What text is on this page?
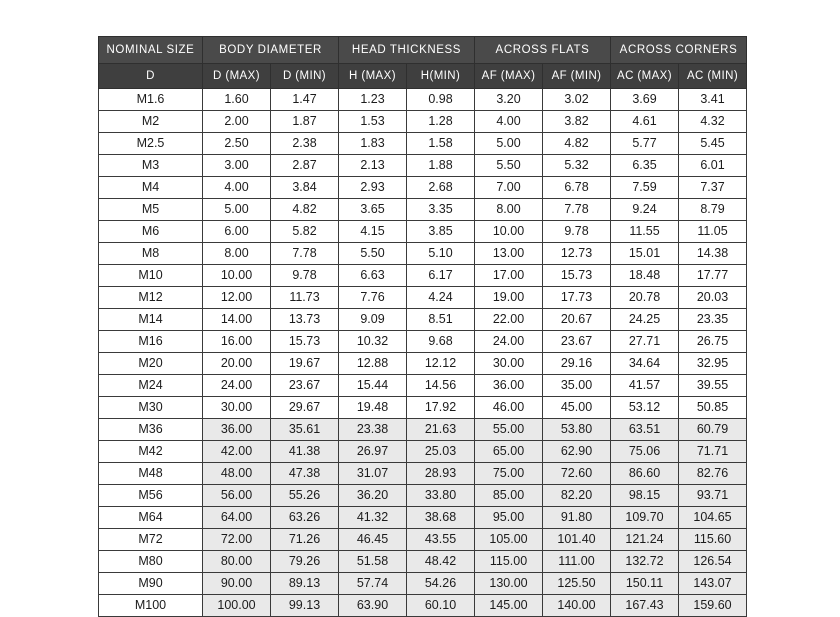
NOMINAL SIZE	BODY DIAMETER		HEAD THICKNESS		ACROSS FLATS		ACROSS CORNERS	
D	D (MAX)	D (MIN)	H (MAX)	H(MIN)	AF (MAX)	AF (MIN)	AC (MAX)	AC (MIN)
M1.6	1.60	1.47	1.23	0.98	3.20	3.02	3.69	3.41
M2	2.00	1.87	1.53	1.28	4.00	3.82	4.61	4.32
M2.5	2.50	2.38	1.83	1.58	5.00	4.82	5.77	5.45
M3	3.00	2.87	2.13	1.88	5.50	5.32	6.35	6.01
M4	4.00	3.84	2.93	2.68	7.00	6.78	7.59	7.37
M5	5.00	4.82	3.65	3.35	8.00	7.78	9.24	8.79
M6	6.00	5.82	4.15	3.85	10.00	9.78	11.55	11.05
M8	8.00	7.78	5.50	5.10	13.00	12.73	15.01	14.38
M10	10.00	9.78	6.63	6.17	17.00	15.73	18.48	17.77
M12	12.00	11.73	7.76	4.24	19.00	17.73	20.78	20.03
M14	14.00	13.73	9.09	8.51	22.00	20.67	24.25	23.35
M16	16.00	15.73	10.32	9.68	24.00	23.67	27.71	26.75
M20	20.00	19.67	12.88	12.12	30.00	29.16	34.64	32.95
M24	24.00	23.67	15.44	14.56	36.00	35.00	41.57	39.55
M30	30.00	29.67	19.48	17.92	46.00	45.00	53.12	50.85
M36	36.00	35.61	23.38	21.63	55.00	53.80	63.51	60.79
M42	42.00	41.38	26.97	25.03	65.00	62.90	75.06	71.71
M48	48.00	47.38	31.07	28.93	75.00	72.60	86.60	82.76
M56	56.00	55.26	36.20	33.80	85.00	82.20	98.15	93.71
M64	64.00	63.26	41.32	38.68	95.00	91.80	109.70	104.65
M72	72.00	71.26	46.45	43.55	105.00	101.40	121.24	115.60
M80	80.00	79.26	51.58	48.42	115.00	111.00	132.72	126.54
M90	90.00	89.13	57.74	54.26	130.00	125.50	150.11	143.07
M100	100.00	99.13	63.90	60.10	145.00	140.00	167.43	159.60
